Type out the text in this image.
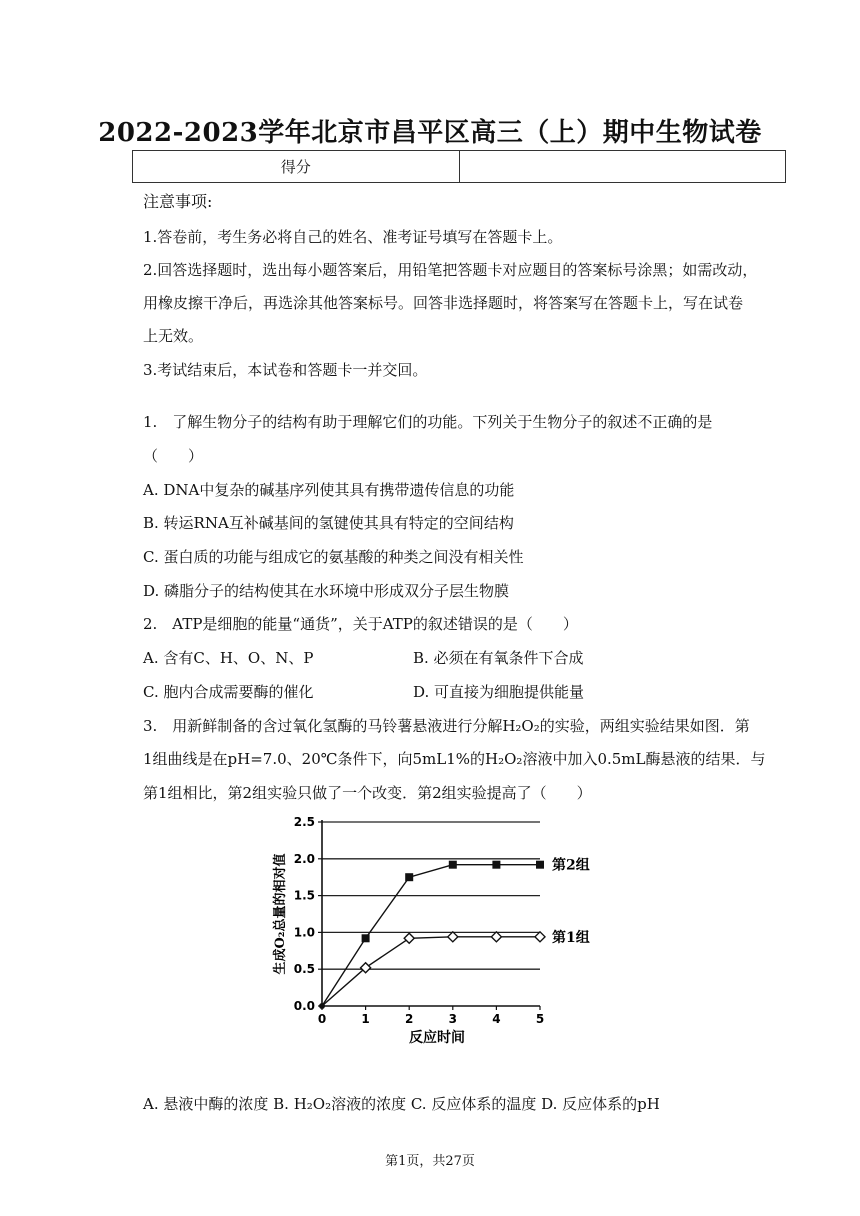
2022-2023学年北京市昌平区高三（上）期中生物试卷
得分
注意事项:
1.答卷前，考生务必将自己的姓名、准考证号填写在答题卡上。
2.回答选择题时，选出每小题答案后，用铅笔把答题卡对应题目的答案标号涂黑；如需改动，
用橡皮擦干净后，再选涂其他答案标号。回答非选择题时，将答案写在答题卡上，写在试卷
上无效。
3.考试结束后，本试卷和答题卡一并交回。
1.　了解生物分子的结构有助于理解它们的功能。下列关于生物分子的叙述不正确的是
（　　）
A. DNA中复杂的碱基序列使其具有携带遗传信息的功能
B. 转运RNA互补碱基间的氢键使其具有特定的空间结构
C. 蛋白质的功能与组成它的氨基酸的种类之间没有相关性
D. 磷脂分子的结构使其在水环境中形成双分子层生物膜
2.　ATP是细胞的能量“通货”，关于ATP的叙述错误的是（　　）
A. 含有C、H、O、N、P	B. 必须在有氧条件下合成
C. 胞内合成需要酶的催化	D. 可直接为细胞提供能量
3.　用新鲜制备的含过氧化氢酶的马铃薯悬液进行分解H₂O₂的实验，两组实验结果如图．第
1组曲线是在pH=7.0、20℃条件下，向5mL1%的H₂O₂溶液中加入0.5mL酶悬液的结果．与
第1组相比，第2组实验只做了一个改变．第2组实验提高了（　　）
0.0
0.5
1.0
1.5
2.0
2.5
0	1	2	3	4	5
反应时间
生成O₂总量的相对值	第2组
第1组
A. 悬液中酶的浓度 B. H₂O₂溶液的浓度 C. 反应体系的温度 D. 反应体系的pH
第1页，共27页
